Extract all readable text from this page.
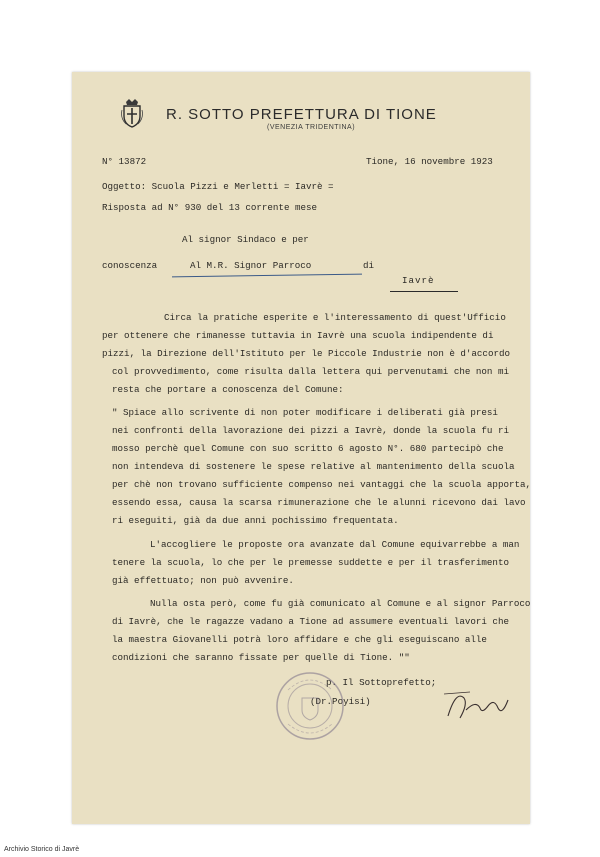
R. SOTTO PREFETTURA DI TIONE
(VENEZIA TRIDENTINA)
N° 13872	Tione, 16 novembre 1923
Oggetto: Scuola Pizzi e Merletti = Iavrè =
Risposta ad N° 930 del 13 corrente mese
Al signor Sindaco e per
conoscenza	Al M.R. Signor Parroco	di
Iavrè
Circa la pratiche esperite e l'interessamento di quest'Ufficio
per ottenere che rimanesse tuttavia in Iavrè una scuola indipendente di
pizzi, la Direzione dell'Istituto per le Piccole Industrie non è d'accordo
col provvedimento, come risulta dalla lettera qui pervenutami che non mi
resta che portare a conoscenza del Comune:
" Spiace allo scrivente di non poter modificare i deliberati già presi
nei confronti della lavorazione dei pizzi a Iavrè, donde la scuola fu ri
mosso perchè quel Comune con suo scritto 6 agosto N°. 680 partecipò che
non intendeva di sostenere le spese relative al mantenimento della scuola
per chè non trovano sufficiente compenso nei vantaggi che la scuola apporta,
essendo essa, causa la scarsa rimunerazione che le alunni ricevono dai lavo
ri eseguiti, già da due anni pochissimo frequentata.
L'accogliere le proposte ora avanzate dal Comune equivarrebbe a man
tenere la scuola, lo che per le premesse suddette e per il trasferimento
già effettuato; non può avvenire.
Nulla osta però, come fu già comunicato al Comune e al signor Parroco
di Iavrè, che le ragazze vadano a Tione ad assumere eventuali lavori che
la maestra Giovanelli potrà loro affidare e che gli eseguiscano alle
condizioni che saranno fissate per quelle di Tione. ""
p. Il Sottoprefetto;
(Dr.Poyisi)
Archivio Storico di Javrè
